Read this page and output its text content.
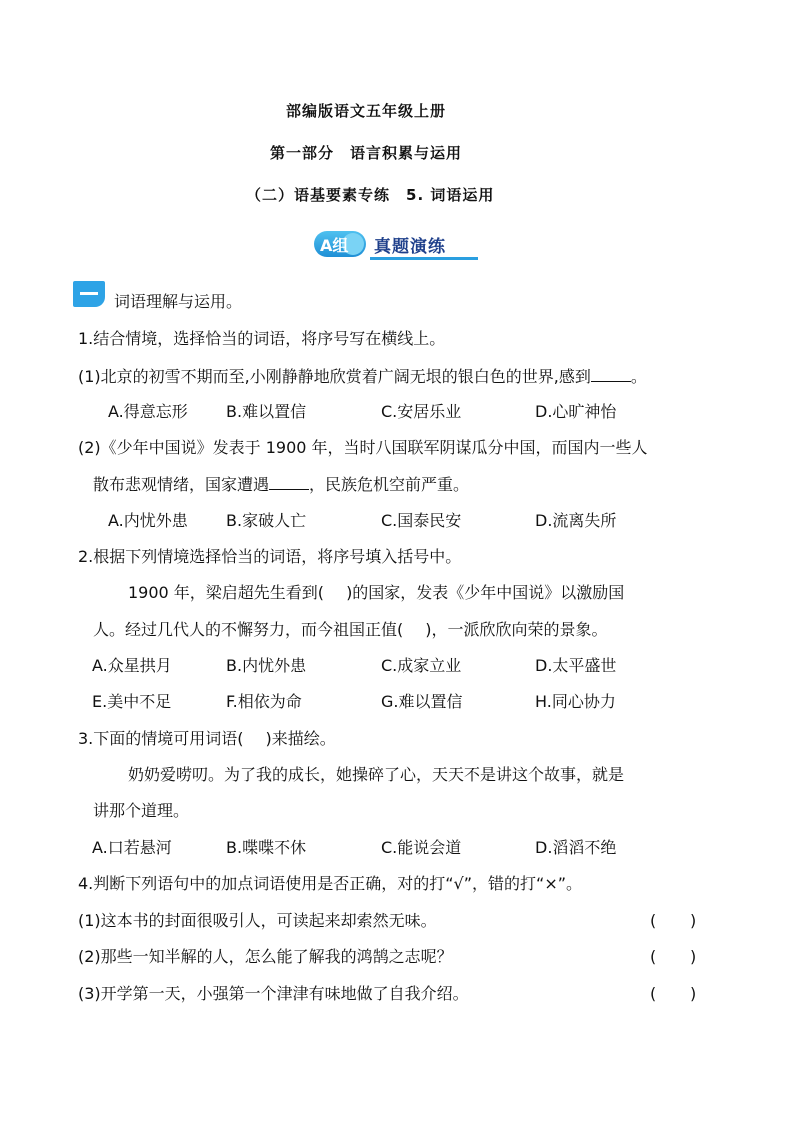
部编版语文五年级上册
第一部分　语言积累与运用
（二）语基要素专练　5. 词语运用
A组 真题演练
词语理解与运用。
1.结合情境，选择恰当的词语，将序号写在横线上。
(1)北京的初雪不期而至,小刚静静地欣赏着广阔无垠的银白色的世界,感到	。
A.得意忘形 B.难以置信	C.安居乐业	D.心旷神怡
(2)《少年中国说》发表于 1900 年，当时八国联军阴谋瓜分中国，而国内一些人
散布悲观情绪，国家遭遇	，民族危机空前严重。
A.内忧外患 B.家破人亡	C.国泰民安	D.流离失所
2.根据下列情境选择恰当的词语，将序号填入括号中。
1900 年，梁启超先生看到( )的国家，发表《少年中国说》以激励国
人。经过几代人的不懈努力，而今祖国正值( )，一派欣欣向荣的景象。
A.众星拱月	B.内忧外患	C.成家立业	D.太平盛世
E.美中不足	F.相依为命	G.难以置信	H.同心协力
3.下面的情境可用词语( )来描绘。
奶奶爱唠叨。为了我的成长，她操碎了心，天天不是讲这个故事，就是
讲那个道理。
A.口若悬河	B.喋喋不休	C.能说会道	D.滔滔不绝
4.判断下列语句中的加点词语使用是否正确，对的打“√”，错的打“×”。
(1)这本书的封面很吸引人，可读起来却索然无味。	( )
(2)那些一知半解的人，怎么能了解我的鸿鹄之志呢？	( )
(3)开学第一天，小强第一个津津有味地做了自我介绍。	( )
